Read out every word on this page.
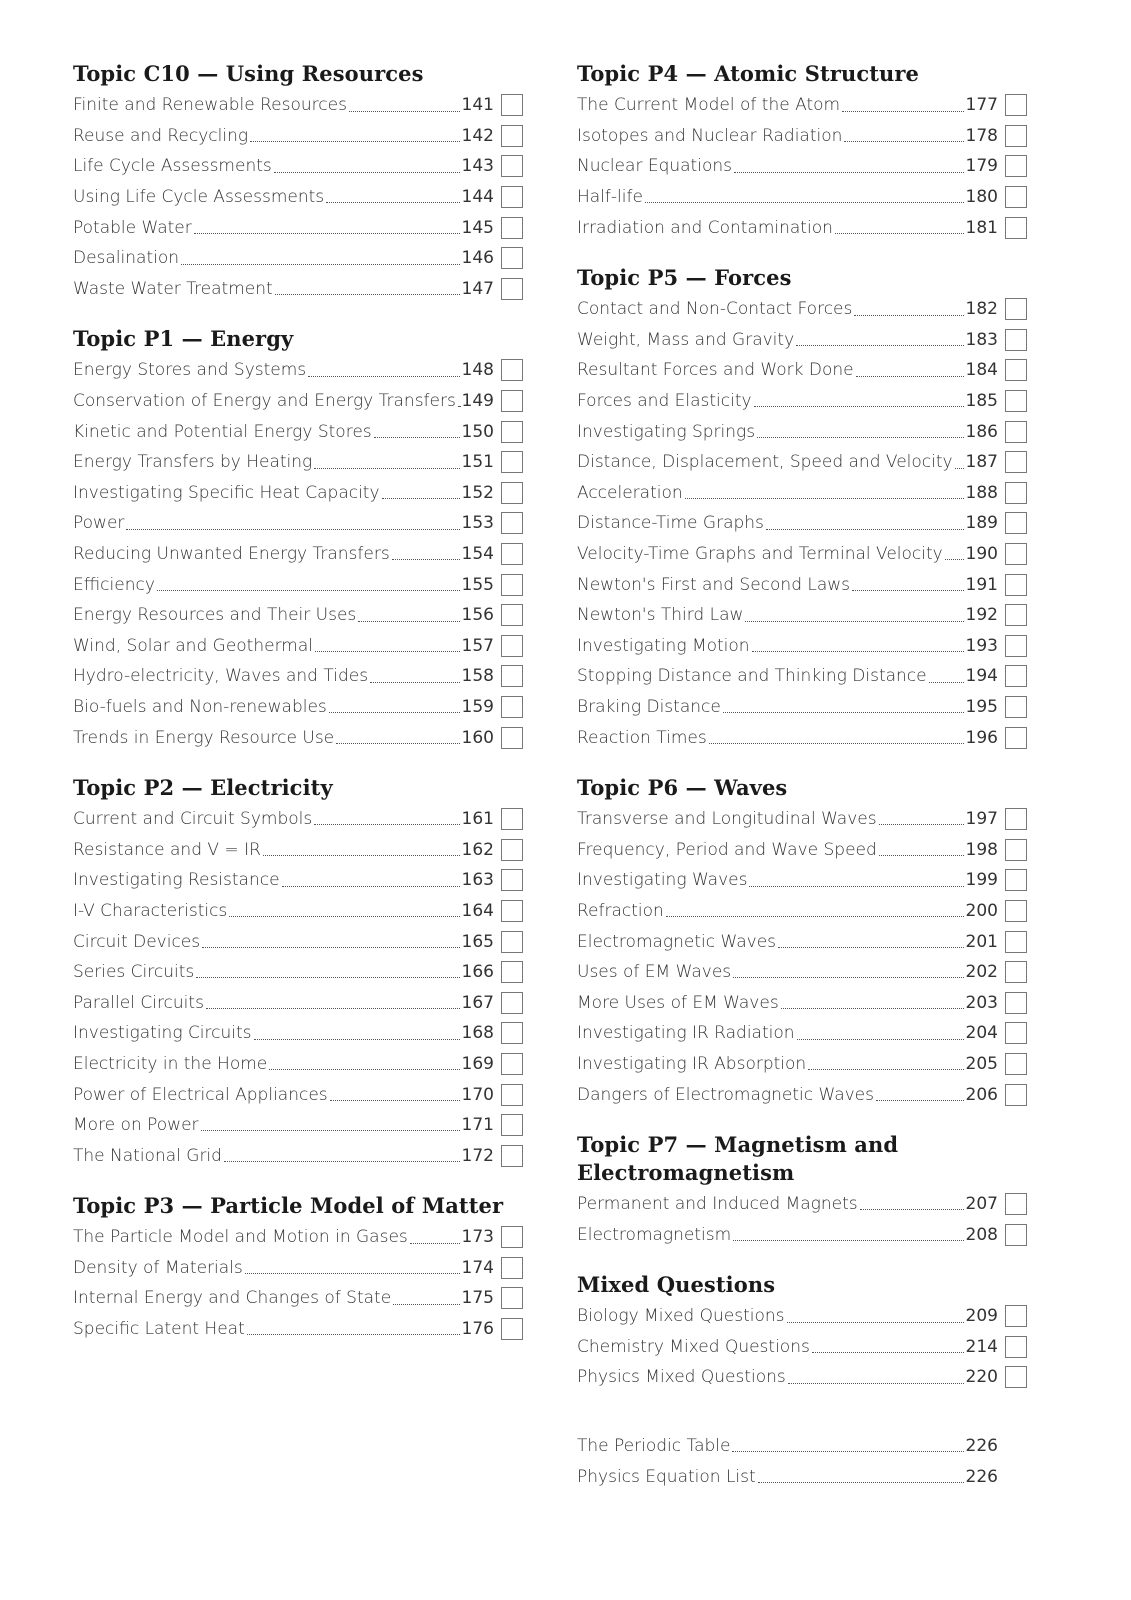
Topic C10 — Using Resources
Finite and Renewable Resources	141
Reuse and Recycling	142
Life Cycle Assessments	143
Using Life Cycle Assessments	144
Potable Water	145
Desalination	146
Waste Water Treatment	147
Topic P1 — Energy
Energy Stores and Systems	148
Conservation of Energy and Energy Transfers 149
Kinetic and Potential Energy Stores	150
Energy Transfers by Heating	151
Investigating Specific Heat Capacity	152
Power	153
Reducing Unwanted Energy Transfers	154
Efficiency	155
Energy Resources and Their Uses	156
Wind, Solar and Geothermal	157
Hydro-electricity, Waves and Tides	158
Bio-fuels and Non-renewables	159
Trends in Energy Resource Use	160
Topic P2 — Electricity
Current and Circuit Symbols	161
Resistance and V = IR	162
Investigating Resistance	163
I-V Characteristics	164
Circuit Devices	165
Series Circuits	166
Parallel Circuits	167
Investigating Circuits	168
Electricity in the Home	169
Power of Electrical Appliances	170
More on Power	171
The National Grid	172
Topic P3 — Particle Model of Matter
The Particle Model and Motion in Gases	173
Density of Materials	174
Internal Energy and Changes of State	175
Specific Latent Heat	176
Topic P4 — Atomic Structure
The Current Model of the Atom	177
Isotopes and Nuclear Radiation	178
Nuclear Equations	179
Half-life	180
Irradiation and Contamination	181
Topic P5 — Forces
Contact and Non-Contact Forces	182
Weight, Mass and Gravity	183
Resultant Forces and Work Done	184
Forces and Elasticity	185
Investigating Springs	186
Distance, Displacement, Speed and Velocity 187
Acceleration	188
Distance-Time Graphs	189
Velocity-Time Graphs and Terminal Velocity 190
Newton's First and Second Laws	191
Newton's Third Law	192
Investigating Motion	193
Stopping Distance and Thinking Distance 194
Braking Distance	195
Reaction Times	196
Topic P6 — Waves
Transverse and Longitudinal Waves	197
Frequency, Period and Wave Speed	198
Investigating Waves	199
Refraction	200
Electromagnetic Waves	201
Uses of EM Waves	202
More Uses of EM Waves	203
Investigating IR Radiation	204
Investigating IR Absorption	205
Dangers of Electromagnetic Waves	206
Topic P7 — Magnetism and Electromagnetism
Permanent and Induced Magnets	207
Electromagnetism	208
Mixed Questions
Biology Mixed Questions	209
Chemistry Mixed Questions	214
Physics Mixed Questions	220
The Periodic Table	226
Physics Equation List	226
